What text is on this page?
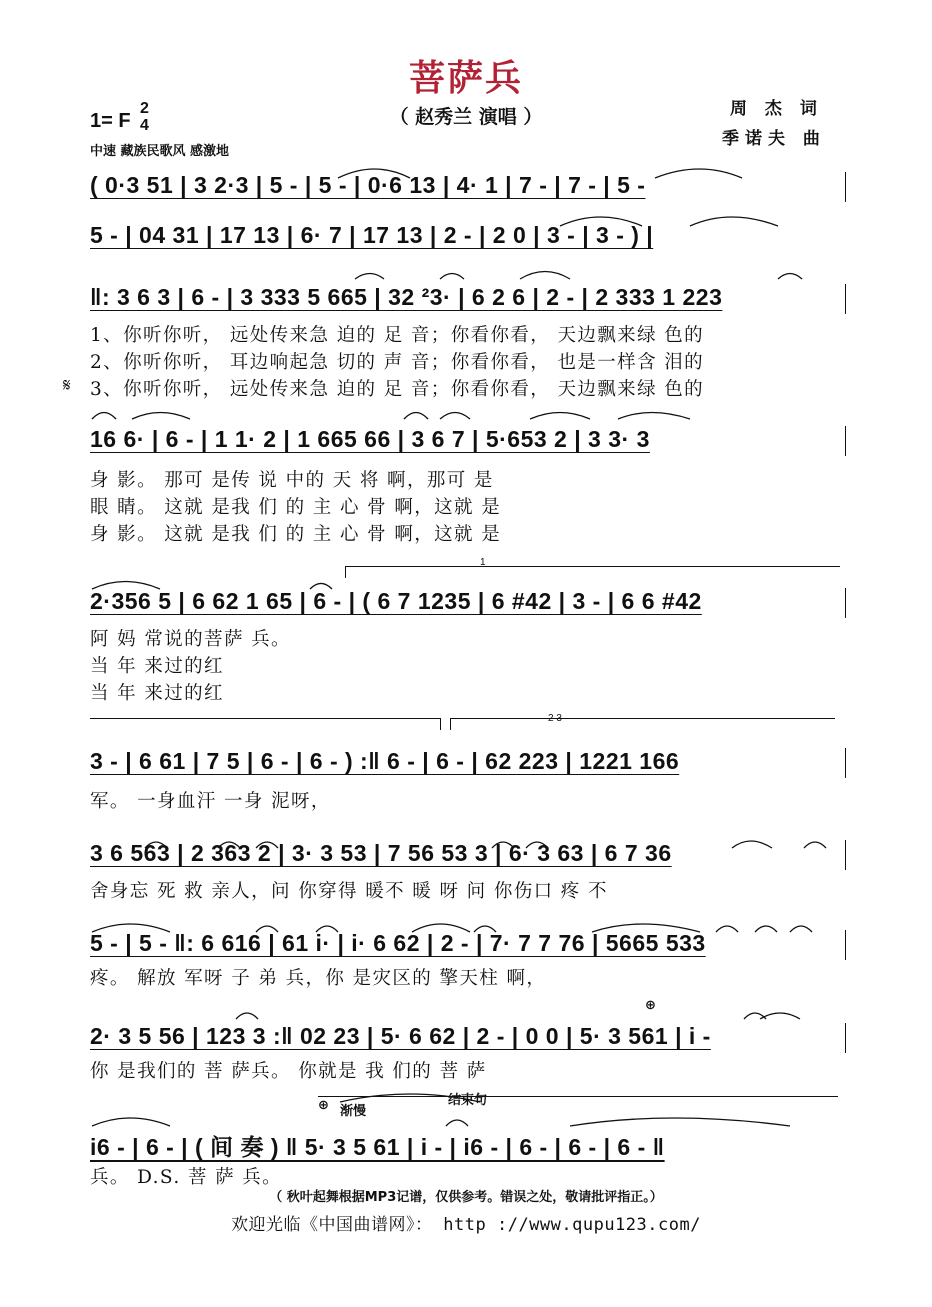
菩萨兵
（ 赵秀兰 演唱 ）	周 杰 词
季诺夫 曲
1= F
2
4
中速 藏族民歌风 感激地
( 0·3 51 | 3 2·3 | 5 - | 5 - | 0·6 13 | 4· 1 | 7 - | 7 - | 5 -
5 - | 04 31 | 17 13 | 6· 7 | 17 13 | 2 - | 2 0 | 3 - | 3 - ) |
‖: 3 6 3 | 6 - | 3 333 5 665 | 32 ²3· | 6 2 6 | 2 - | 2 333 1 223
1、你听你听， 远处传来急 迫的 足 音；你看你看， 天边飘来绿 色的
2、你听你听， 耳边响起急 切的 声 音；你看你看， 也是一样含 泪的
𝄋 3、你听你听， 远处传来急 迫的 足 音；你看你看， 天边飘来绿 色的
16 6· | 6 - | 1 1· 2 | 1 665 66 | 3 6 7 | 5·653 2 | 3 3· 3
身 影。 那可 是传 说 中的 天 将 啊，那可 是
眼 睛。 这就 是我 们 的 主 心 骨 啊，这就 是
身 影。 这就 是我 们 的 主 心 骨 啊，这就 是
1
2·356 5 | 6 62 1 65 | 6 - | ( 6 7 1235 | 6 #42 | 3 - | 6 6 #42
阿 妈 常说的菩萨 兵。
当 年 来过的红
当 年 来过的红
2 3
3 - | 6 61 | 7 5 | 6 - | 6 - ) :‖ 6 - | 6 - | 62 223 | 1221 166
军。 一身血汗 一身 泥呀，
3 6 563 | 2 363 2 | 3· 3 53 | 7 56 53 3 | 6· 3 63 | 6 7 36
舍身忘 死 救 亲人，问 你穿得 暖不 暖 呀 问 你伤口 疼 不
5 - | 5 - ‖: 6 616 | 61 i· | i· 6 62 | 2 - | 7· 7 7 76 | 5665 533
疼。 解放 军呀 子 弟 兵，你 是灾区的 擎天柱 啊，
⊕
2· 3 5 56 | 123 3 :‖ 02 23 | 5· 6 62 | 2 - | 0 0 | 5· 3 561 | i -
你 是我们的 菩 萨兵。 你就是 我 们的 菩 萨
⊕ 渐慢
结束句
i6 - | 6 - | ( 间 奏 ) ‖ 5· 3 5 61 | i - | i6 - | 6 - | 6 - | 6 - ‖
兵。 D.S. 菩 萨 兵。
（ 秋叶起舞根据MP3记谱，仅供参考。错误之处，敬请批评指正。）
欢迎光临《中国曲谱网》： http ://www.qupu123.com/
